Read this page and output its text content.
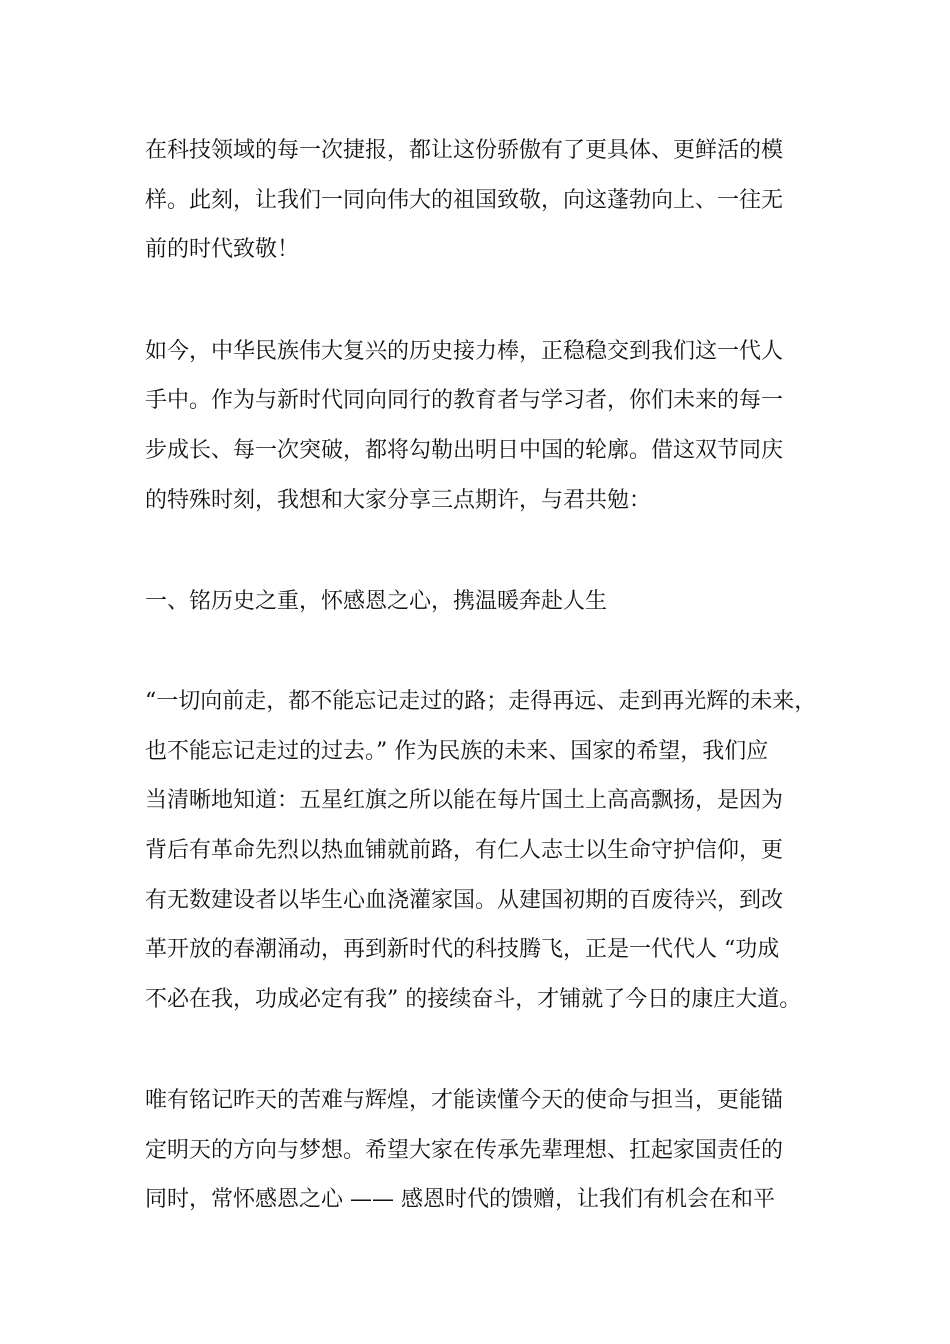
在科技领域的每一次捷报，都让这份骄傲有了更具体、更鲜活的模

样。此刻，让我们一同向伟大的祖国致敬，向这蓬勃向上、一往无

前的时代致敬！

如今，中华民族伟大复兴的历史接力棒，正稳稳交到我们这一代人

手中。作为与新时代同向同行的教育者与学习者，你们未来的每一

步成长、每一次突破，都将勾勒出明日中国的轮廓。借这双节同庆

的特殊时刻，我想和大家分享三点期许，与君共勉：

一、铭历史之重，怀感恩之心，携温暖奔赴人生

“一切向前走，都不能忘记走过的路；走得再远、走到再光辉的未来，

也不能忘记走过的过去。” 作为民族的未来、国家的希望，我们应

当清晰地知道：五星红旗之所以能在每片国土上高高飘扬，是因为

背后有革命先烈以热血铺就前路，有仁人志士以生命守护信仰，更

有无数建设者以毕生心血浇灌家国。从建国初期的百废待兴，到改

革开放的春潮涌动，再到新时代的科技腾飞，正是一代代人 “功成

不必在我，功成必定有我” 的接续奋斗，才铺就了今日的康庄大道。

唯有铭记昨天的苦难与辉煌，才能读懂今天的使命与担当，更能锚

定明天的方向与梦想。希望大家在传承先辈理想、扛起家国责任的

同时，常怀感恩之心 —— 感恩时代的馈赠，让我们有机会在和平
